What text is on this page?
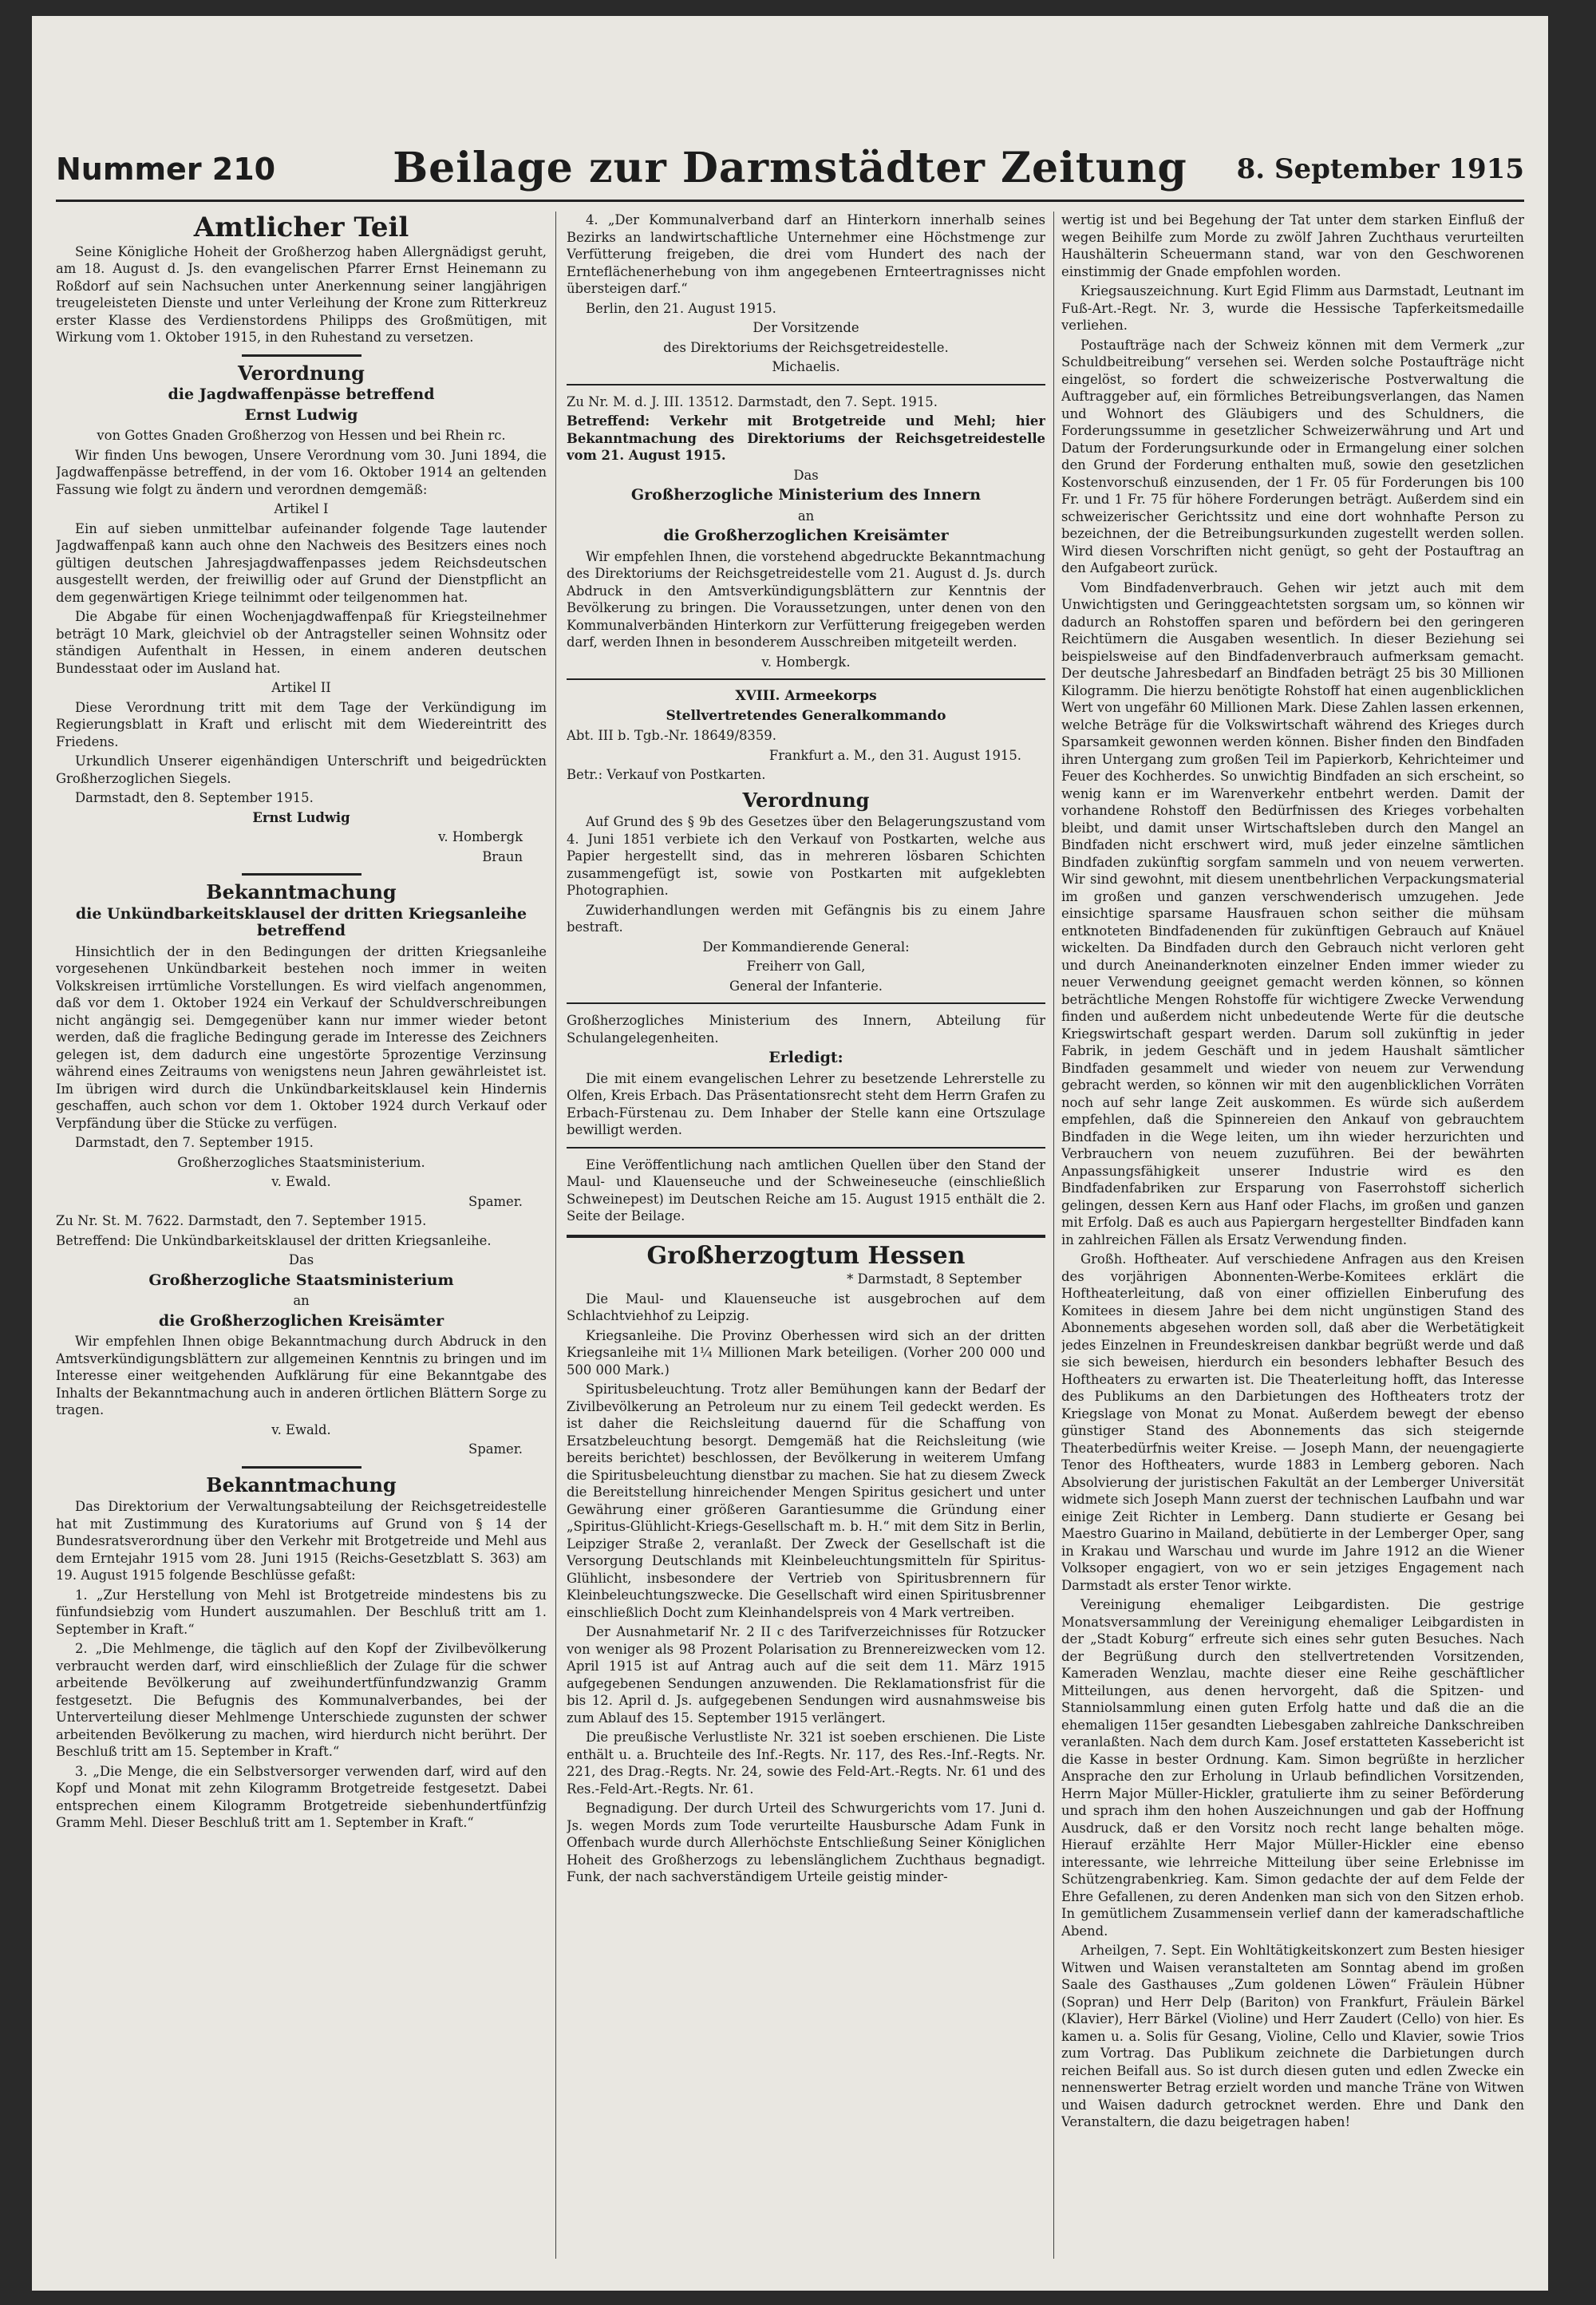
Nummer 210	Beilage zur Darmstädter Zeitung	8. September 1915
Amtlicher Teil

Seine Königliche Hoheit der Großherzog haben Allergnädigst geruht, am 18. August d. Js. den evangelischen Pfarrer Ernst Heinemann zu Roßdorf auf sein Nachsuchen unter Anerkennung seiner langjährigen treugeleisteten Dienste und unter Verleihung der Krone zum Ritterkreuz erster Klasse des Verdienstordens Philipps des Großmütigen, mit Wirkung vom 1. Oktober 1915, in den Ruhestand zu versetzen.

Verordnung
die Jagdwaffenpässe betreffend
Ernst Ludwig

von Gottes Gnaden Großherzog von Hessen und bei Rhein rc.

Wir finden Uns bewogen, Unsere Verordnung vom 30. Juni 1894, die Jagdwaffenpässe betreffend, in der vom 16. Oktober 1914 an geltenden Fassung wie folgt zu ändern und verordnen demgemäß:

Artikel I

Ein auf sieben unmittelbar aufeinander folgende Tage lautender Jagdwaffenpaß kann auch ohne den Nachweis des Besitzers eines noch gültigen deutschen Jahresjagdwaffenpasses jedem Reichsdeutschen ausgestellt werden, der freiwillig oder auf Grund der Dienstpflicht an dem gegenwärtigen Kriege teilnimmt oder teilgenommen hat.

Die Abgabe für einen Wochenjagdwaffenpaß für Kriegsteilnehmer beträgt 10 Mark, gleichviel ob der Antragsteller seinen Wohnsitz oder ständigen Aufenthalt in Hessen, in einem anderen deutschen Bundesstaat oder im Ausland hat.

Artikel II

Diese Verordnung tritt mit dem Tage der Verkündigung im Regierungsblatt in Kraft und erlischt mit dem Wiedereintritt des Friedens.

Urkundlich Unserer eigenhändigen Unterschrift und beigedrückten Großherzoglichen Siegels.

Darmstadt, den 8. September 1915.

Ernst Ludwig

v. Hombergk

Braun

Bekanntmachung
die Unkündbarkeitsklausel der dritten Kriegsanleihe betreffend

Hinsichtlich der in den Bedingungen der dritten Kriegsanleihe vorgesehenen Unkündbarkeit bestehen noch immer in weiten Volkskreisen irrtümliche Vorstellungen. Es wird vielfach angenommen, daß vor dem 1. Oktober 1924 ein Verkauf der Schuldverschreibungen nicht angängig sei. Demgegenüber kann nur immer wieder betont werden, daß die fragliche Bedingung gerade im Interesse des Zeichners gelegen ist, dem dadurch eine ungestörte 5prozentige Verzinsung während eines Zeitraums von wenigstens neun Jahren gewährleistet ist. Im übrigen wird durch die Unkündbarkeitsklausel kein Hindernis geschaffen, auch schon vor dem 1. Oktober 1924 durch Verkauf oder Verpfändung über die Stücke zu verfügen.

Darmstadt, den 7. September 1915.

Großherzogliches Staatsministerium.

v. Ewald.

Spamer.

Zu Nr. St. M. 7622. Darmstadt, den 7. September 1915.

Betreffend: Die Unkündbarkeitsklausel der dritten Kriegsanleihe.

Das

Großherzogliche Staatsministerium

an

die Großherzoglichen Kreisämter

Wir empfehlen Ihnen obige Bekanntmachung durch Abdruck in den Amtsverkündigungsblättern zur allgemeinen Kenntnis zu bringen und im Interesse einer weitgehenden Aufklärung für eine Bekanntgabe des Inhalts der Bekanntmachung auch in anderen örtlichen Blättern Sorge zu tragen.

v. Ewald.

Spamer.

Bekanntmachung

Das Direktorium der Verwaltungsabteilung der Reichsgetreidestelle hat mit Zustimmung des Kuratoriums auf Grund von § 14 der Bundesratsverordnung über den Verkehr mit Brotgetreide und Mehl aus dem Erntejahr 1915 vom 28. Juni 1915 (Reichs-Gesetzblatt S. 363) am 19. August 1915 folgende Beschlüsse gefaßt:

1. „Zur Herstellung von Mehl ist Brotgetreide mindestens bis zu fünfundsiebzig vom Hundert auszumahlen. Der Beschluß tritt am 1. September in Kraft.“

2. „Die Mehlmenge, die täglich auf den Kopf der Zivilbevölkerung verbraucht werden darf, wird einschließlich der Zulage für die schwer arbeitende Bevölkerung auf zweihundertfünfundzwanzig Gramm festgesetzt. Die Befugnis des Kommunalverbandes, bei der Unterverteilung dieser Mehlmenge Unterschiede zugunsten der schwer arbeitenden Bevölkerung zu machen, wird hierdurch nicht berührt. Der Beschluß tritt am 15. September in Kraft.“

3. „Die Menge, die ein Selbstversorger verwenden darf, wird auf den Kopf und Monat mit zehn Kilogramm Brotgetreide festgesetzt. Dabei entsprechen einem Kilogramm Brotgetreide siebenhundertfünfzig Gramm Mehl. Dieser Beschluß tritt am 1. September in Kraft.“

4. „Der Kommunalverband darf an Hinterkorn innerhalb seines Bezirks an landwirtschaftliche Unternehmer eine Höchstmenge zur Verfütterung freigeben, die drei vom Hundert des nach der Ernteflächenerhebung von ihm angegebenen Ernteertragnisses nicht übersteigen darf.“

Berlin, den 21. August 1915.

Der Vorsitzende

des Direktoriums der Reichsgetreidestelle.

Michaelis.

Zu Nr. M. d. J. III. 13512. Darmstadt, den 7. Sept. 1915.

Betreffend: Verkehr mit Brotgetreide und Mehl; hier Bekanntmachung des Direktoriums der Reichsgetreidestelle vom 21. August 1915.

Das

Großherzogliche Ministerium des Innern

an

die Großherzoglichen Kreisämter

Wir empfehlen Ihnen, die vorstehend abgedruckte Bekanntmachung des Direktoriums der Reichsgetreidestelle vom 21. August d. Js. durch Abdruck in den Amtsverkündigungsblättern zur Kenntnis der Bevölkerung zu bringen. Die Voraussetzungen, unter denen von den Kommunalverbänden Hinterkorn zur Verfütterung freigegeben werden darf, werden Ihnen in besonderem Ausschreiben mitgeteilt werden.

v. Hombergk.

XVIII. Armeekorps
Stellvertretendes Generalkommando

Abt. III b. Tgb.-Nr. 18649/8359.

Frankfurt a. M., den 31. August 1915.

Betr.: Verkauf von Postkarten.

Verordnung

Auf Grund des § 9b des Gesetzes über den Belagerungszustand vom 4. Juni 1851 verbiete ich den Verkauf von Postkarten, welche aus Papier hergestellt sind, das in mehreren lösbaren Schichten zusammengefügt ist, sowie von Postkarten mit aufgeklebten Photographien.

Zuwiderhandlungen werden mit Gefängnis bis zu einem Jahre bestraft.

Der Kommandierende General:

Freiherr von Gall,

General der Infanterie.

Großherzogliches Ministerium des Innern, Abteilung für Schulangelegenheiten.

Erledigt:

Die mit einem evangelischen Lehrer zu besetzende Lehrerstelle zu Olfen, Kreis Erbach. Das Präsentationsrecht steht dem Herrn Grafen zu Erbach-Fürstenau zu. Dem Inhaber der Stelle kann eine Ortszulage bewilligt werden.

Eine Veröffentlichung nach amtlichen Quellen über den Stand der Maul- und Klauenseuche und der Schweineseuche (einschließlich Schweinepest) im Deutschen Reiche am 15. August 1915 enthält die 2. Seite der Beilage.

Großherzogtum Hessen

* Darmstadt, 8 September

Die Maul- und Klauenseuche ist ausgebrochen auf dem Schlachtviehhof zu Leipzig.

Kriegsanleihe. Die Provinz Oberhessen wird sich an der dritten Kriegsanleihe mit 1¼ Millionen Mark beteiligen. (Vorher 200 000 und 500 000 Mark.)

Spiritusbeleuchtung. Trotz aller Bemühungen kann der Bedarf der Zivilbevölkerung an Petroleum nur zu einem Teil gedeckt werden. Es ist daher die Reichsleitung dauernd für die Schaffung von Ersatzbeleuchtung besorgt. Demgemäß hat die Reichsleitung (wie bereits berichtet) beschlossen, der Bevölkerung in weiterem Umfang die Spiritusbeleuchtung dienstbar zu machen. Sie hat zu diesem Zweck die Bereitstellung hinreichender Mengen Spiritus gesichert und unter Gewährung einer größeren Garantiesumme die Gründung einer „Spiritus-Glühlicht-Kriegs-Gesellschaft m. b. H.“ mit dem Sitz in Berlin, Leipziger Straße 2, veranlaßt. Der Zweck der Gesellschaft ist die Versorgung Deutschlands mit Kleinbeleuchtungsmitteln für Spiritus-Glühlicht, insbesondere der Vertrieb von Spiritusbrennern für Kleinbeleuchtungszwecke. Die Gesellschaft wird einen Spiritusbrenner einschließlich Docht zum Kleinhandelspreis von 4 Mark vertreiben.

Der Ausnahmetarif Nr. 2 II c des Tarifverzeichnisses für Rotzucker von weniger als 98 Prozent Polarisation zu Brennereizwecken vom 12. April 1915 ist auf Antrag auch auf die seit dem 11. März 1915 aufgegebenen Sendungen anzuwenden. Die Reklamationsfrist für die bis 12. April d. Js. aufgegebenen Sendungen wird ausnahmsweise bis zum Ablauf des 15. September 1915 verlängert.

Die preußische Verlustliste Nr. 321 ist soeben erschienen. Die Liste enthält u. a. Bruchteile des Inf.-Regts. Nr. 117, des Res.-Inf.-Regts. Nr. 221, des Drag.-Regts. Nr. 24, sowie des Feld-Art.-Regts. Nr. 61 und des Res.-Feld-Art.-Regts. Nr. 61.

Begnadigung. Der durch Urteil des Schwurgerichts vom 17. Juni d. Js. wegen Mords zum Tode verurteilte Hausbursche Adam Funk in Offenbach wurde durch Allerhöchste Entschließung Seiner Königlichen Hoheit des Großherzogs zu lebenslänglichem Zuchthaus begnadigt. Funk, der nach sachverständigem Urteile geistig minder-

wertig ist und bei Begehung der Tat unter dem starken Einfluß der wegen Beihilfe zum Morde zu zwölf Jahren Zuchthaus verurteilten Haushälterin Scheuermann stand, war von den Geschworenen einstimmig der Gnade empfohlen worden.

Kriegsauszeichnung. Kurt Egid Flimm aus Darmstadt, Leutnant im Fuß-Art.-Regt. Nr. 3, wurde die Hessische Tapferkeitsmedaille verliehen.

Postaufträge nach der Schweiz können mit dem Vermerk „zur Schuldbeitreibung“ versehen sei. Werden solche Postaufträge nicht eingelöst, so fordert die schweizerische Postverwaltung die Auftraggeber auf, ein förmliches Betreibungsverlangen, das Namen und Wohnort des Gläubigers und des Schuldners, die Forderungssumme in gesetzlicher Schweizerwährung und Art und Datum der Forderungsurkunde oder in Ermangelung einer solchen den Grund der Forderung enthalten muß, sowie den gesetzlichen Kostenvorschuß einzusenden, der 1 Fr. 05 für Forderungen bis 100 Fr. und 1 Fr. 75 für höhere Forderungen beträgt. Außerdem sind ein schweizerischer Gerichtssitz und eine dort wohnhafte Person zu bezeichnen, der die Betreibungsurkunden zugestellt werden sollen. Wird diesen Vorschriften nicht genügt, so geht der Postauftrag an den Aufgabeort zurück.

Vom Bindfadenverbrauch. Gehen wir jetzt auch mit dem Unwichtigsten und Geringgeachtetsten sorgsam um, so können wir dadurch an Rohstoffen sparen und befördern bei den geringeren Reichtümern die Ausgaben wesentlich. In dieser Beziehung sei beispielsweise auf den Bindfadenverbrauch aufmerksam gemacht. Der deutsche Jahresbedarf an Bindfaden beträgt 25 bis 30 Millionen Kilogramm. Die hierzu benötigte Rohstoff hat einen augenblicklichen Wert von ungefähr 60 Millionen Mark. Diese Zahlen lassen erkennen, welche Beträge für die Volkswirtschaft während des Krieges durch Sparsamkeit gewonnen werden können. Bisher finden den Bindfaden ihren Untergang zum großen Teil im Papierkorb, Kehrichteimer und Feuer des Kochherdes. So unwichtig Bindfaden an sich erscheint, so wenig kann er im Warenverkehr entbehrt werden. Damit der vorhandene Rohstoff den Bedürfnissen des Krieges vorbehalten bleibt, und damit unser Wirtschaftsleben durch den Mangel an Bindfaden nicht erschwert wird, muß jeder einzelne sämtlichen Bindfaden zukünftig sorgfam sammeln und von neuem verwerten. Wir sind gewohnt, mit diesem unentbehrlichen Verpackungsmaterial im großen und ganzen verschwenderisch umzugehen. Jede einsichtige sparsame Hausfrauen schon seither die mühsam entknoteten Bindfadenenden für zukünftigen Gebrauch auf Knäuel wickelten. Da Bindfaden durch den Gebrauch nicht verloren geht und durch Aneinanderknoten einzelner Enden immer wieder zu neuer Verwendung geeignet gemacht werden können, so können beträchtliche Mengen Rohstoffe für wichtigere Zwecke Verwendung finden und außerdem nicht unbedeutende Werte für die deutsche Kriegswirtschaft gespart werden. Darum soll zukünftig in jeder Fabrik, in jedem Geschäft und in jedem Haushalt sämtlicher Bindfaden gesammelt und wieder von neuem zur Verwendung gebracht werden, so können wir mit den augenblicklichen Vorräten noch auf sehr lange Zeit auskommen. Es würde sich außerdem empfehlen, daß die Spinnereien den Ankauf von gebrauchtem Bindfaden in die Wege leiten, um ihn wieder herzurichten und Verbrauchern von neuem zuzuführen. Bei der bewährten Anpassungsfähigkeit unserer Industrie wird es den Bindfadenfabriken zur Ersparung von Faserrohstoff sicherlich gelingen, dessen Kern aus Hanf oder Flachs, im großen und ganzen mit Erfolg. Daß es auch aus Papiergarn hergestellter Bindfaden kann in zahlreichen Fällen als Ersatz Verwendung finden.

Großh. Hoftheater. Auf verschiedene Anfragen aus den Kreisen des vorjährigen Abonnenten-Werbe-Komitees erklärt die Hoftheaterleitung, daß von einer offiziellen Einberufung des Komitees in diesem Jahre bei dem nicht ungünstigen Stand des Abonnements abgesehen worden soll, daß aber die Werbetätigkeit jedes Einzelnen in Freundeskreisen dankbar begrüßt werde und daß sie sich beweisen, hierdurch ein besonders lebhafter Besuch des Hoftheaters zu erwarten ist. Die Theaterleitung hofft, das Interesse des Publikums an den Darbietungen des Hoftheaters trotz der Kriegslage von Monat zu Monat. Außerdem bewegt der ebenso günstiger Stand des Abonnements das sich steigernde Theaterbedürfnis weiter Kreise. — Joseph Mann, der neuengagierte Tenor des Hoftheaters, wurde 1883 in Lemberg geboren. Nach Absolvierung der juristischen Fakultät an der Lemberger Universität widmete sich Joseph Mann zuerst der technischen Laufbahn und war einige Zeit Richter in Lemberg. Dann studierte er Gesang bei Maestro Guarino in Mailand, debütierte in der Lemberger Oper, sang in Krakau und Warschau und wurde im Jahre 1912 an die Wiener Volksoper engagiert, von wo er sein jetziges Engagement nach Darmstadt als erster Tenor wirkte.

Vereinigung ehemaliger Leibgardisten. Die gestrige Monatsversammlung der Vereinigung ehemaliger Leibgardisten in der „Stadt Koburg“ erfreute sich eines sehr guten Besuches. Nach der Begrüßung durch den stellvertretenden Vorsitzenden, Kameraden Wenzlau, machte dieser eine Reihe geschäftlicher Mitteilungen, aus denen hervorgeht, daß die Spitzen- und Stanniolsammlung einen guten Erfolg hatte und daß die an die ehemaligen 115er gesandten Liebesgaben zahlreiche Dankschreiben veranlaßten. Nach dem durch Kam. Josef erstatteten Kassebericht ist die Kasse in bester Ordnung. Kam. Simon begrüßte in herzlicher Ansprache den zur Erholung in Urlaub befindlichen Vorsitzenden, Herrn Major Müller-Hickler, gratulierte ihm zu seiner Beförderung und sprach ihm den hohen Auszeichnungen und gab der Hoffnung Ausdruck, daß er den Vorsitz noch recht lange behalten möge. Hierauf erzählte Herr Major Müller-Hickler eine ebenso interessante, wie lehrreiche Mitteilung über seine Erlebnisse im Schützengrabenkrieg. Kam. Simon gedachte der auf dem Felde der Ehre Gefallenen, zu deren Andenken man sich von den Sitzen erhob. In gemütlichem Zusammensein verlief dann der kameradschaftliche Abend.

Arheilgen, 7. Sept. Ein Wohltätigkeitskonzert zum Besten hiesiger Witwen und Waisen veranstalteten am Sonntag abend im großen Saale des Gasthauses „Zum goldenen Löwen“ Fräulein Hübner (Sopran) und Herr Delp (Bariton) von Frankfurt, Fräulein Bärkel (Klavier), Herr Bärkel (Violine) und Herr Zaudert (Cello) von hier. Es kamen u. a. Solis für Gesang, Violine, Cello und Klavier, sowie Trios zum Vortrag. Das Publikum zeichnete die Darbietungen durch reichen Beifall aus. So ist durch diesen guten und edlen Zwecke ein nennenswerter Betrag erzielt worden und manche Träne von Witwen und Waisen dadurch getrocknet werden. Ehre und Dank den Veranstaltern, die dazu beigetragen haben!
